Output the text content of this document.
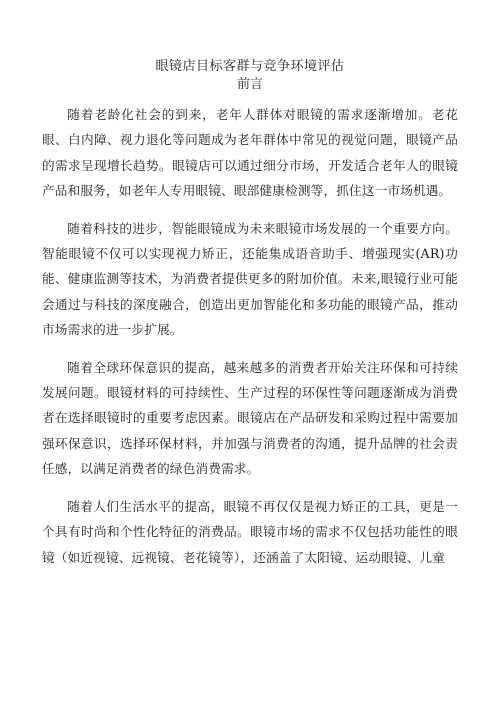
眼镜店目标客群与竞争环境评估
前言

随着老龄化社会的到来，老年人群体对眼镜的需求逐渐增加。老花眼、白内障、视力退化等问题成为老年群体中常见的视觉问题，眼镜产品的需求呈现增长趋势。眼镜店可以通过细分市场，开发适合老年人的眼镜产品和服务，如老年人专用眼镜、眼部健康检测等，抓住这一市场机遇。

随着科技的进步，智能眼镜成为未来眼镜市场发展的一个重要方向。智能眼镜不仅可以实现视力矫正，还能集成语音助手、增强现实(AR)功能、健康监测等技术，为消费者提供更多的附加价值。未来,眼镜行业可能会通过与科技的深度融合，创造出更加智能化和多功能的眼镜产品，推动市场需求的进一步扩展。

随着全球环保意识的提高，越来越多的消费者开始关注环保和可持续发展问题。眼镜材料的可持续性、生产过程的环保性等问题逐渐成为消费者在选择眼镜时的重要考虑因素。眼镜店在产品研发和采购过程中需要加强环保意识，选择环保材料，并加强与消费者的沟通，提升品牌的社会责任感，以满足消费者的绿色消费需求。

随着人们生活水平的提高，眼镜不再仅仅是视力矫正的工具，更是一个具有时尚和个性化特征的消费品。眼镜市场的需求不仅包括功能性的眼镜（如近视镜、远视镜、老花镜等），还涵盖了太阳镜、运动眼镜、儿童
